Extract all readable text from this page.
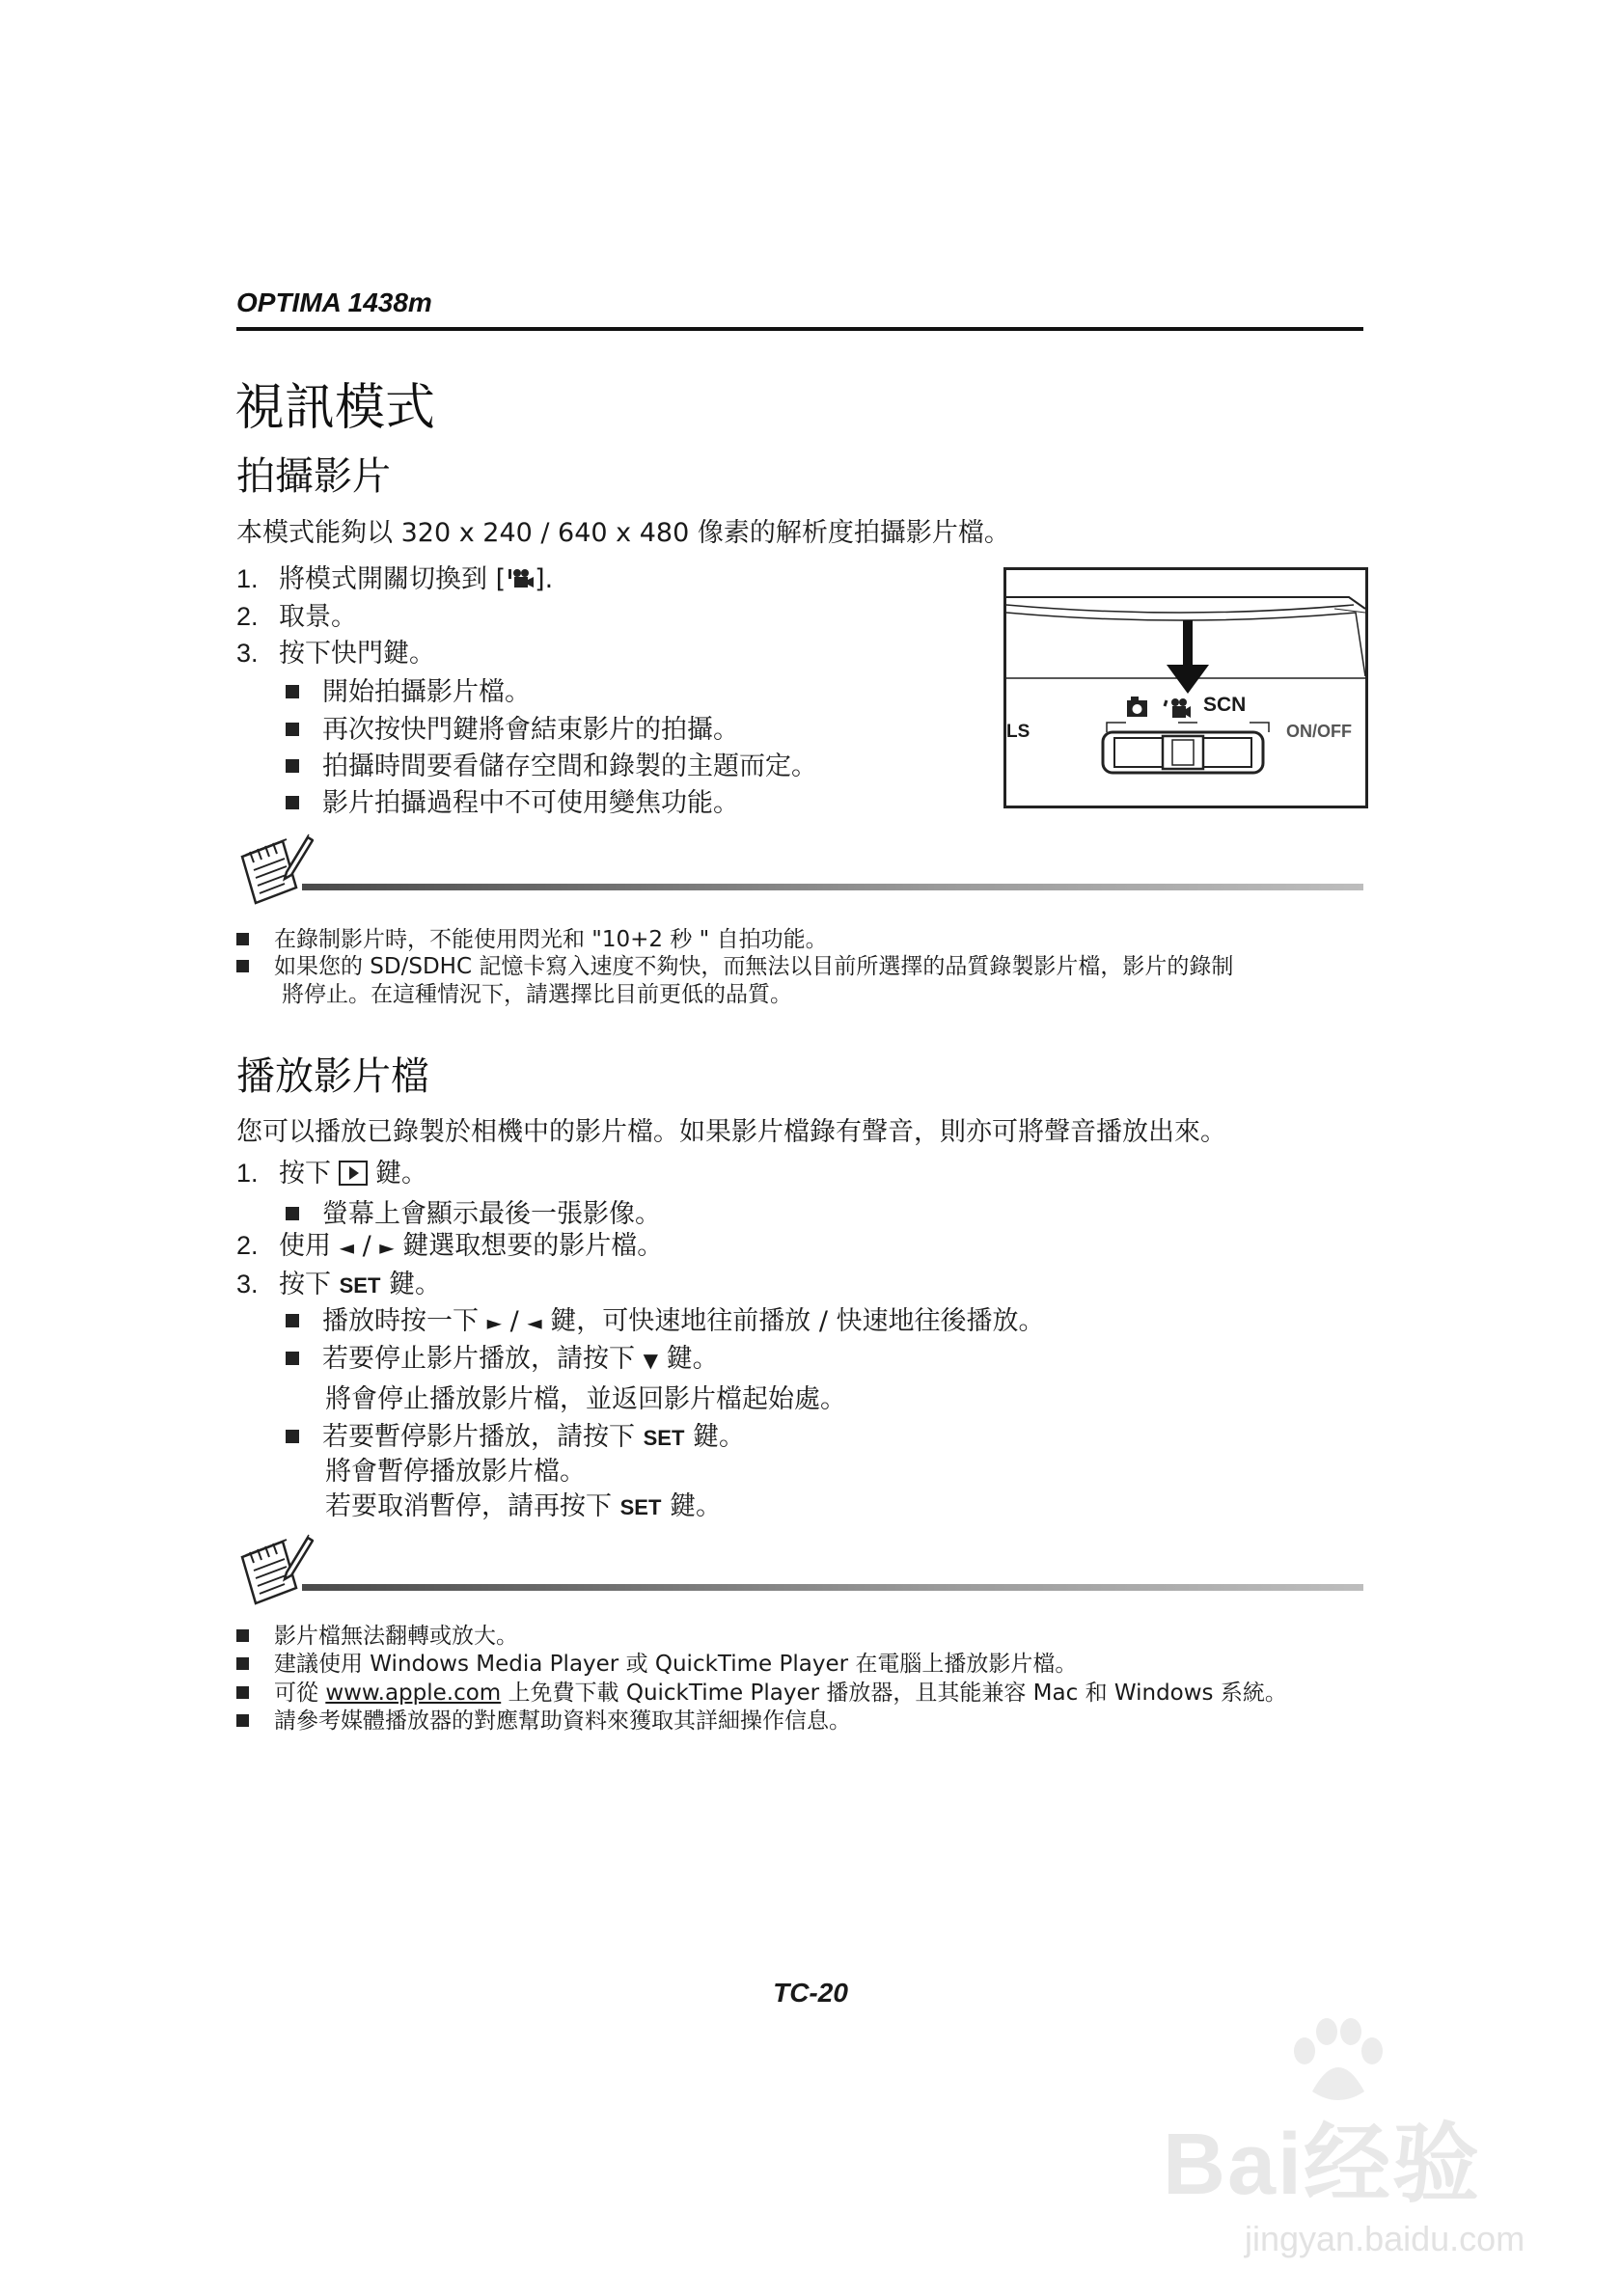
OPTIMA 1438m
視訊模式
拍攝影片
本模式能夠以 320 x 240 / 640 x 480 像素的解析度拍攝影片檔。
1. 將模式開關切換到 [ ].
2. 取景。
3. 按下快門鍵。
開始拍攝影片檔。
再次按快門鍵將會結束影片的拍攝。
拍攝時間要看儲存空間和錄製的主題而定。
影片拍攝過程中不可使用變焦功能。
LS
SCN
ON/OFF
在錄制影片時，不能使用閃光和 "10+2 秒 " 自拍功能。
如果您的 SD/SDHC 記憶卡寫入速度不夠快，而無法以目前所選擇的品質錄製影片檔，影片的錄制
將停止。在這種情況下，請選擇比目前更低的品質。
播放影片檔
您可以播放已錄製於相機中的影片檔。如果影片檔錄有聲音，則亦可將聲音播放出來。
1. 按下 鍵。
螢幕上會顯示最後一張影像。
2. 使用 ◄ / ► 鍵選取想要的影片檔。
3. 按下 SET 鍵。
播放時按一下 ► / ◄ 鍵，可快速地往前播放 / 快速地往後播放。
若要停止影片播放，請按下 ▼ 鍵。
將會停止播放影片檔，並返回影片檔起始處。
若要暫停影片播放，請按下 SET 鍵。
將會暫停播放影片檔。
若要取消暫停，請再按下 SET 鍵。
影片檔無法翻轉或放大。
建議使用 Windows Media Player 或 QuickTime Player 在電腦上播放影片檔。
可從 www.apple.com 上免費下載 QuickTime Player 播放器，且其能兼容 Mac 和 Windows 系統。
請參考媒體播放器的對應幫助資料來獲取其詳細操作信息。
TC-20
Bai经验
jingyan.baidu.com
